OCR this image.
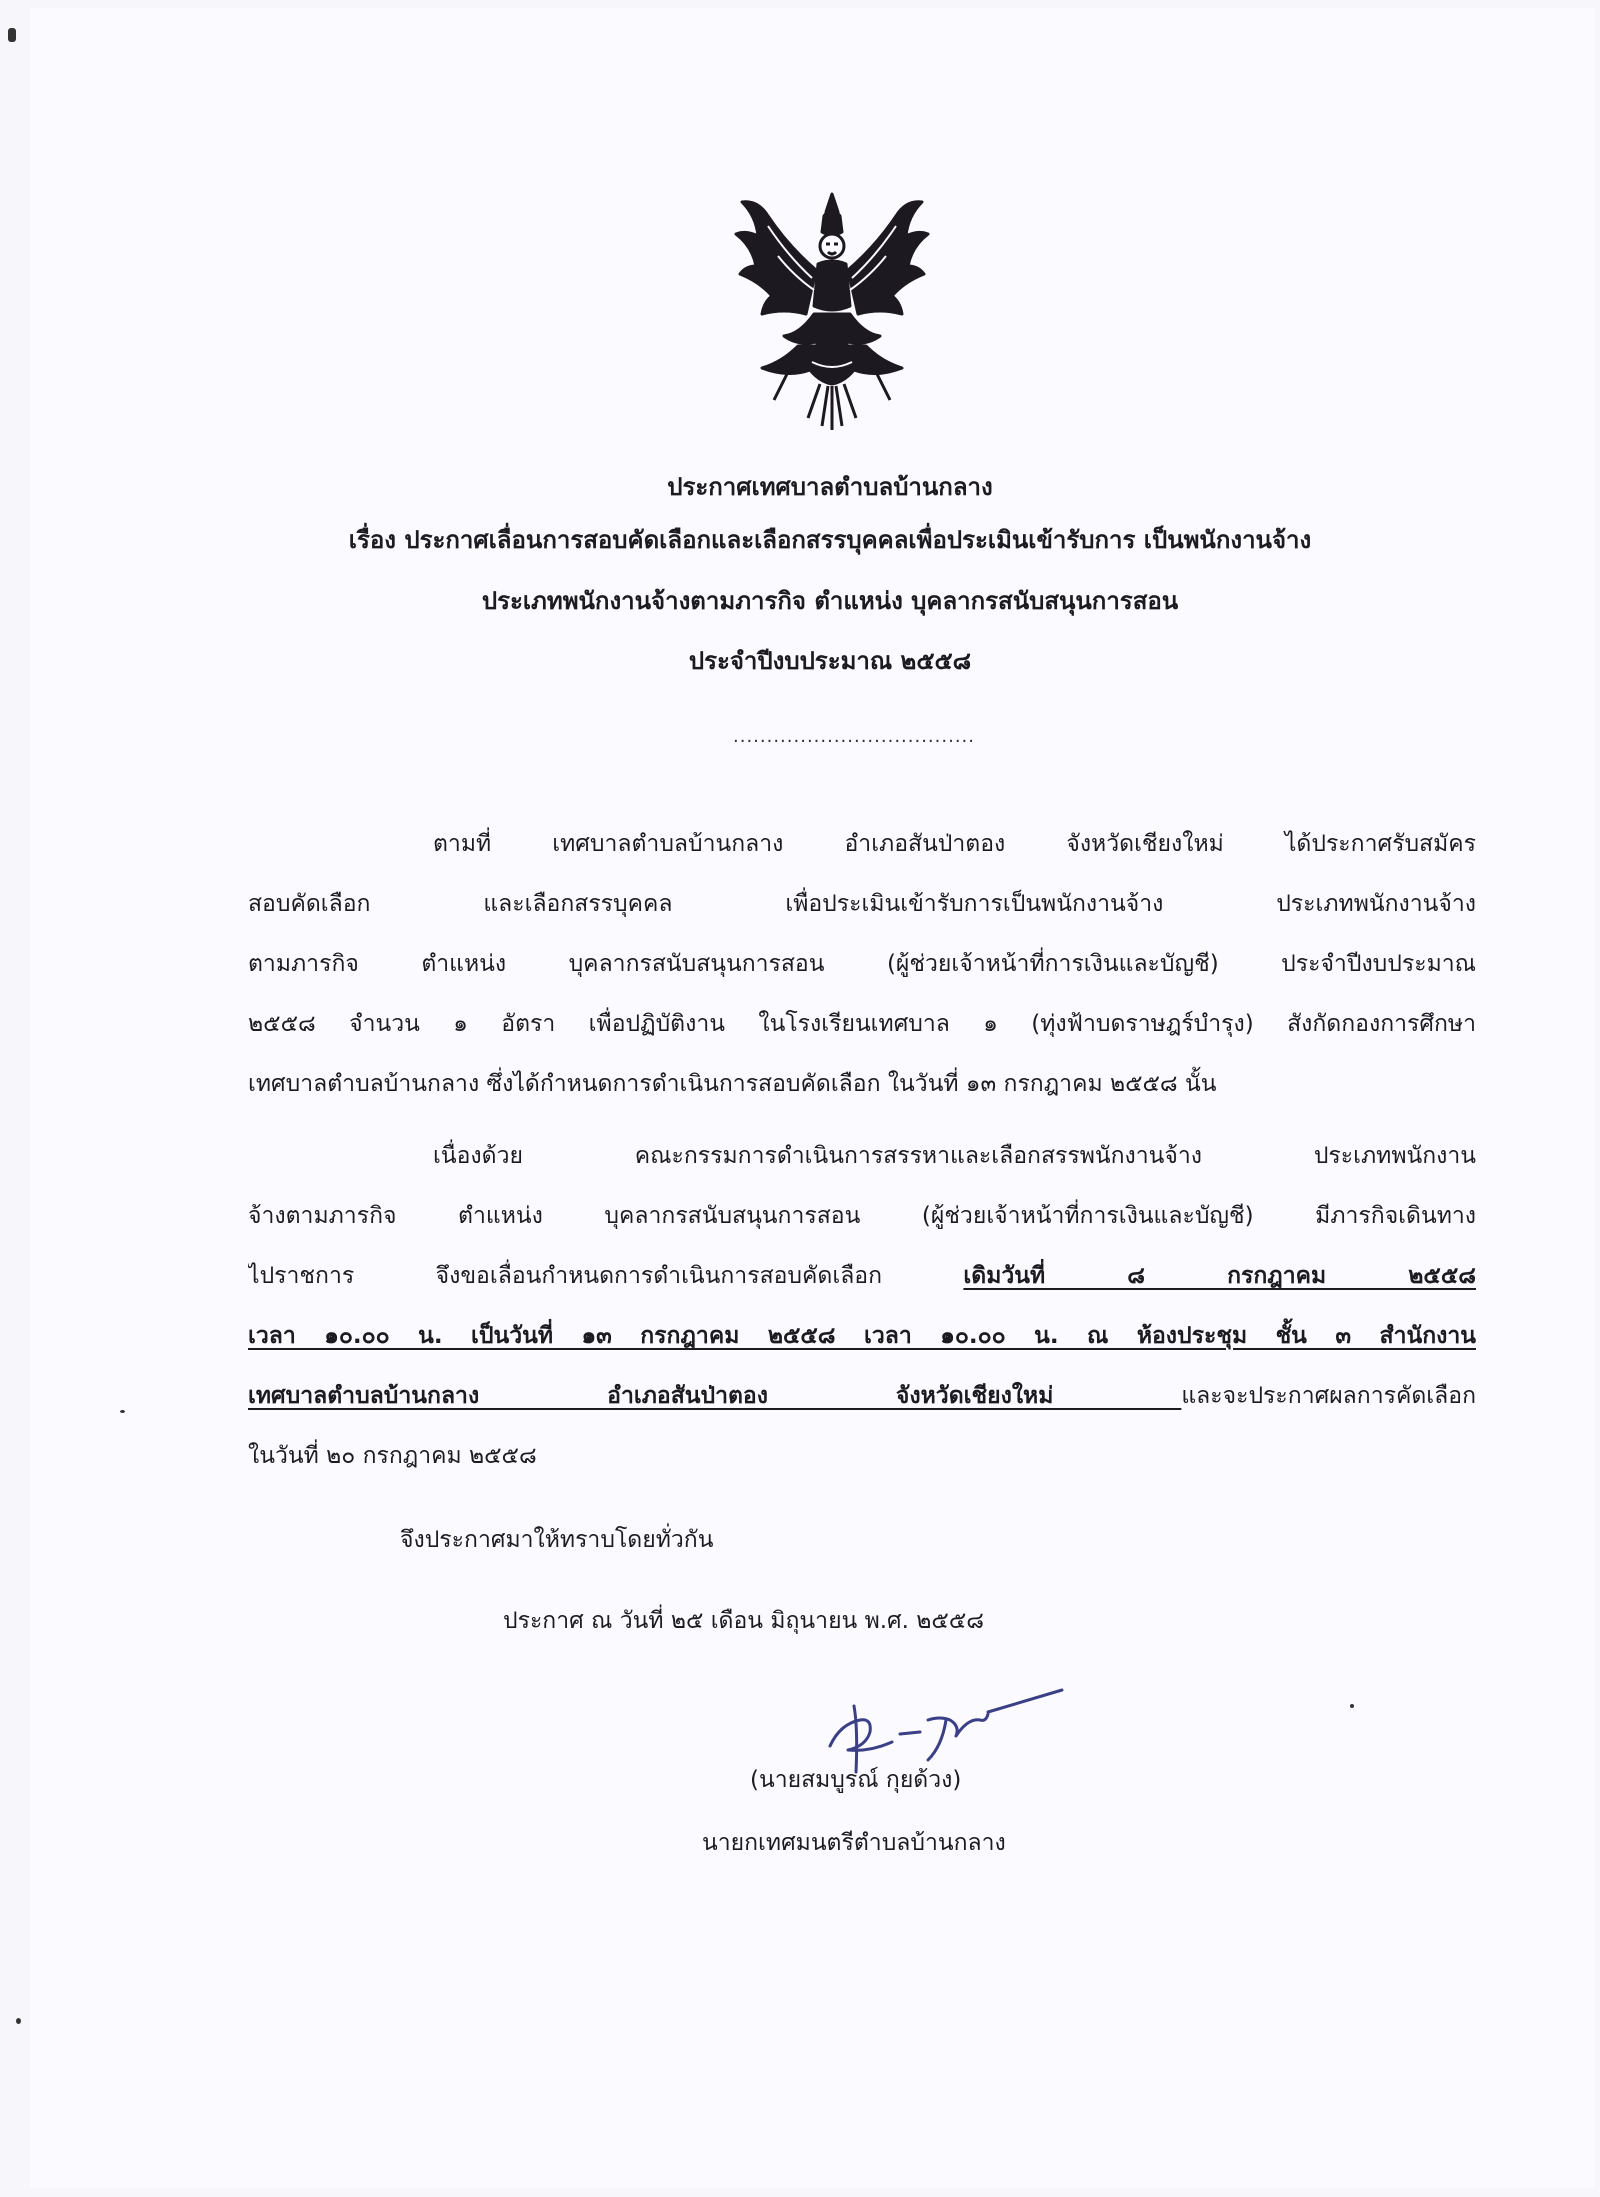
ประกาศเทศบาลตำบลบ้านกลาง
เรื่อง ประกาศเลื่อนการสอบคัดเลือกและเลือกสรรบุคคลเพื่อประเมินเข้ารับการ เป็นพนักงานจ้าง
ประเภทพนักงานจ้างตามภารกิจ ตำแหน่ง บุคลากรสนับสนุนการสอน
ประจำปีงบประมาณ ๒๕๕๘
....................................
ตามที่ เทศบาลตำบลบ้านกลาง อำเภอสันป่าตอง จังหวัดเชียงใหม่ ได้ประกาศรับสมัคร
สอบคัดเลือก และเลือกสรรบุคคล เพื่อประเมินเข้ารับการเป็นพนักงานจ้าง ประเภทพนักงานจ้าง
ตามภารกิจ ตำแหน่ง บุคลากรสนับสนุนการสอน (ผู้ช่วยเจ้าหน้าที่การเงินและบัญชี) ประจำปีงบประมาณ
๒๕๕๘ จำนวน ๑ อัตรา เพื่อปฏิบัติงาน ในโรงเรียนเทศบาล ๑ (ทุ่งฟ้าบดราษฎร์บำรุง) สังกัดกองการศึกษา
เทศบาลตำบลบ้านกลาง ซึ่งได้กำหนดการดำเนินการสอบคัดเลือก ในวันที่ ๑๓ กรกฎาคม ๒๕๕๘ นั้น
เนื่องด้วย คณะกรรมการดำเนินการสรรหาและเลือกสรรพนักงานจ้าง ประเภทพนักงาน
จ้างตามภารกิจ ตำแหน่ง บุคลากรสนับสนุนการสอน (ผู้ช่วยเจ้าหน้าที่การเงินและบัญชี) มีภารกิจเดินทาง
ไปราชการ จึงขอเลื่อนกำหนดการดำเนินการสอบคัดเลือก เดิมวันที่ ๘ กรกฎาคม ๒๕๕๘
เวลา ๑๐.๐๐ น. เป็นวันที่ ๑๓ กรกฎาคม ๒๕๕๘ เวลา ๑๐.๐๐ น. ณ ห้องประชุม ชั้น ๓ สำนักงาน
เทศบาลตำบลบ้านกลาง อำเภอสันป่าตอง จังหวัดเชียงใหม่ และจะประกาศผลการคัดเลือก
ในวันที่ ๒๐ กรกฎาคม ๒๕๕๘
จึงประกาศมาให้ทราบโดยทั่วกัน
ประกาศ ณ วันที่ ๒๕ เดือน มิถุนายน พ.ศ. ๒๕๕๘
(นายสมบูรณ์ กุยด้วง)
นายกเทศมนตรีตำบลบ้านกลาง
